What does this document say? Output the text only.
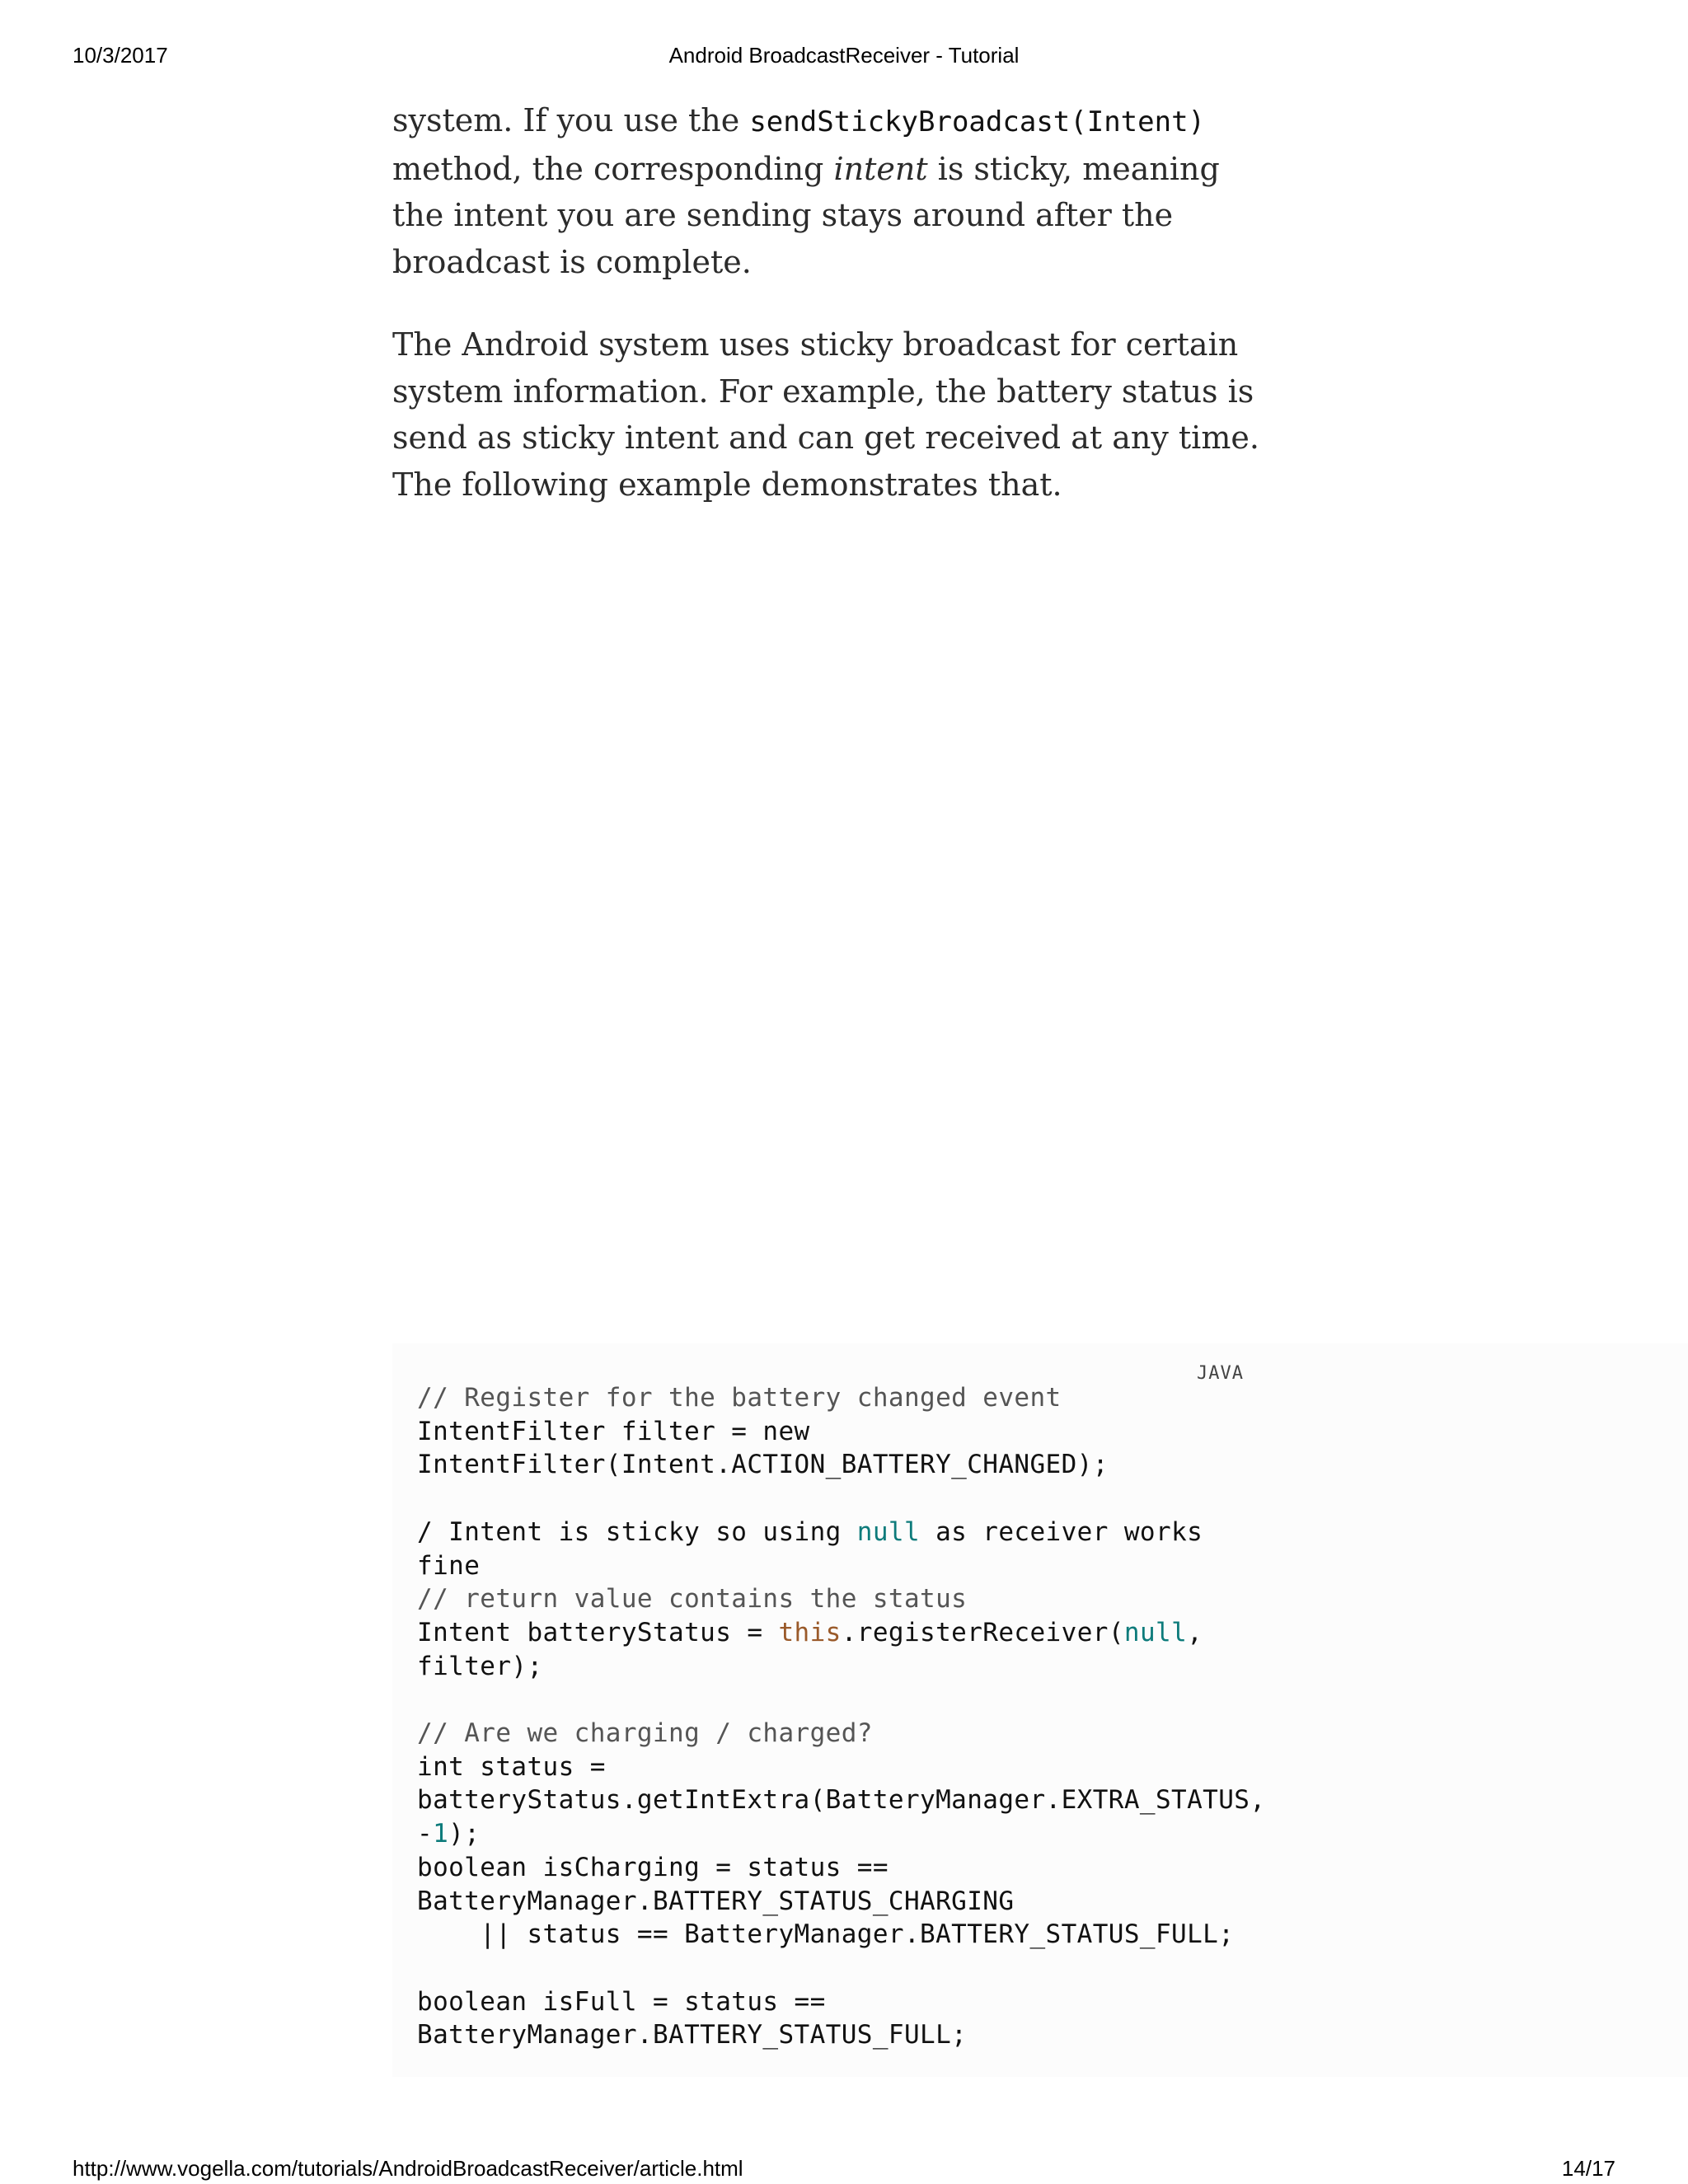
10/3/2017	Android BroadcastReceiver - Tutorial

system. If you use the sendStickyBroadcast(Intent) method, the corresponding intent is sticky, meaning the intent you are sending stays around after the broadcast is complete.

The Android system uses sticky broadcast for certain system information. For example, the battery status is send as sticky intent and can get received at any time. The following example demonstrates that.

JAVA
// Register for the battery changed event
IntentFilter filter = new
IntentFilter(Intent.ACTION_BATTERY_CHANGED);

/ Intent is sticky so using null as receiver works
fine
// return value contains the status
Intent batteryStatus = this.registerReceiver(null,
filter);

// Are we charging / charged?
int status =
batteryStatus.getIntExtra(BatteryManager.EXTRA_STATUS,
-1);
boolean isCharging = status ==
BatteryManager.BATTERY_STATUS_CHARGING
|| status == BatteryManager.BATTERY_STATUS_FULL;

boolean isFull = status ==
BatteryManager.BATTERY_STATUS_FULL;
http://www.vogella.com/tutorials/AndroidBroadcastReceiver/article.html	14/17
